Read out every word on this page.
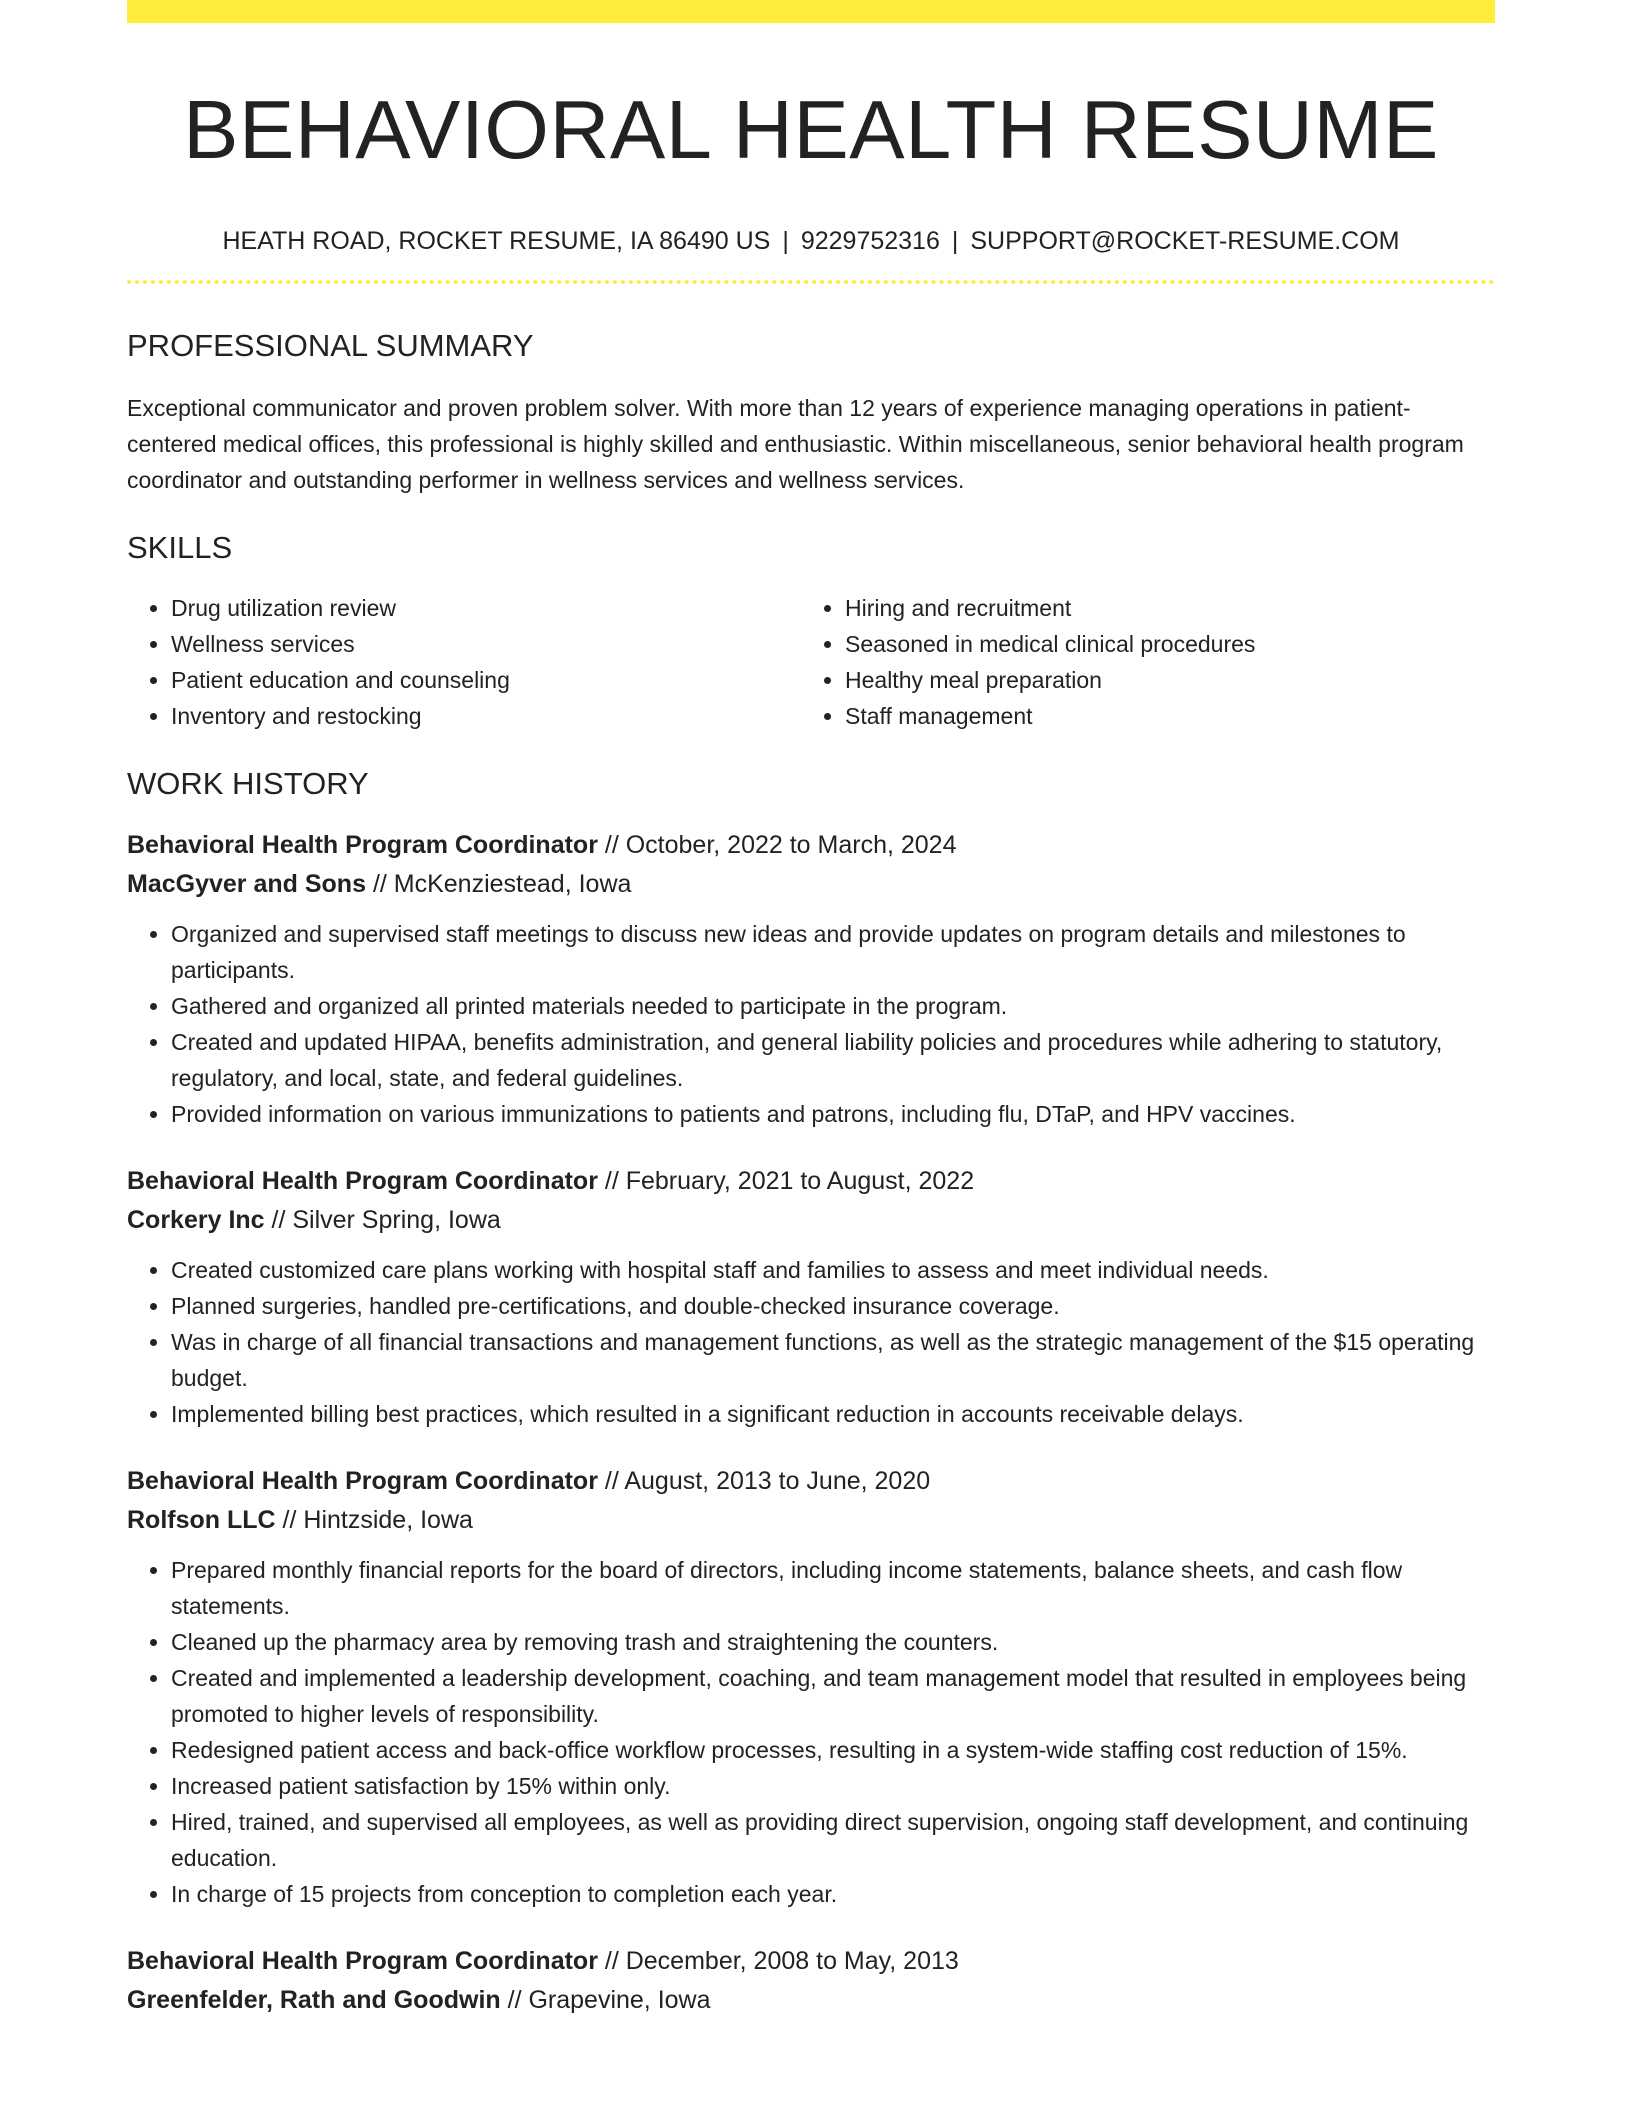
BEHAVIORAL HEALTH RESUME
HEATH ROAD, ROCKET RESUME, IA 86490 US | 9229752316 | SUPPORT@ROCKET-RESUME.COM
PROFESSIONAL SUMMARY

Exceptional communicator and proven problem solver. With more than 12 years of experience managing operations in patient-centered medical offices, this professional is highly skilled and enthusiastic. Within miscellaneous, senior behavioral health program coordinator and outstanding performer in wellness services and wellness services.

SKILLS
• Drug utilization review
• Wellness services
• Patient education and counseling
• Inventory and restocking
• Hiring and recruitment
• Seasoned in medical clinical procedures
• Healthy meal preparation
• Staff management
WORK HISTORY
Behavioral Health Program Coordinator // October, 2022 to March, 2024
MacGyver and Sons // McKenziestead, Iowa
• Organized and supervised staff meetings to discuss new ideas and provide updates on program details and milestones to participants.
• Gathered and organized all printed materials needed to participate in the program.
• Created and updated HIPAA, benefits administration, and general liability policies and procedures while adhering to statutory, regulatory, and local, state, and federal guidelines.
• Provided information on various immunizations to patients and patrons, including flu, DTaP, and HPV vaccines.
Behavioral Health Program Coordinator // February, 2021 to August, 2022
Corkery Inc // Silver Spring, Iowa
• Created customized care plans working with hospital staff and families to assess and meet individual needs.
• Planned surgeries, handled pre-certifications, and double-checked insurance coverage.
• Was in charge of all financial transactions and management functions, as well as the strategic management of the $15 operating budget.
• Implemented billing best practices, which resulted in a significant reduction in accounts receivable delays.
Behavioral Health Program Coordinator // August, 2013 to June, 2020
Rolfson LLC // Hintzside, Iowa
• Prepared monthly financial reports for the board of directors, including income statements, balance sheets, and cash flow statements.
• Cleaned up the pharmacy area by removing trash and straightening the counters.
• Created and implemented a leadership development, coaching, and team management model that resulted in employees being promoted to higher levels of responsibility.
• Redesigned patient access and back-office workflow processes, resulting in a system-wide staffing cost reduction of 15%.
• Increased patient satisfaction by 15% within only.
• Hired, trained, and supervised all employees, as well as providing direct supervision, ongoing staff development, and continuing education.
• In charge of 15 projects from conception to completion each year.
Behavioral Health Program Coordinator // December, 2008 to May, 2013
Greenfelder, Rath and Goodwin // Grapevine, Iowa
